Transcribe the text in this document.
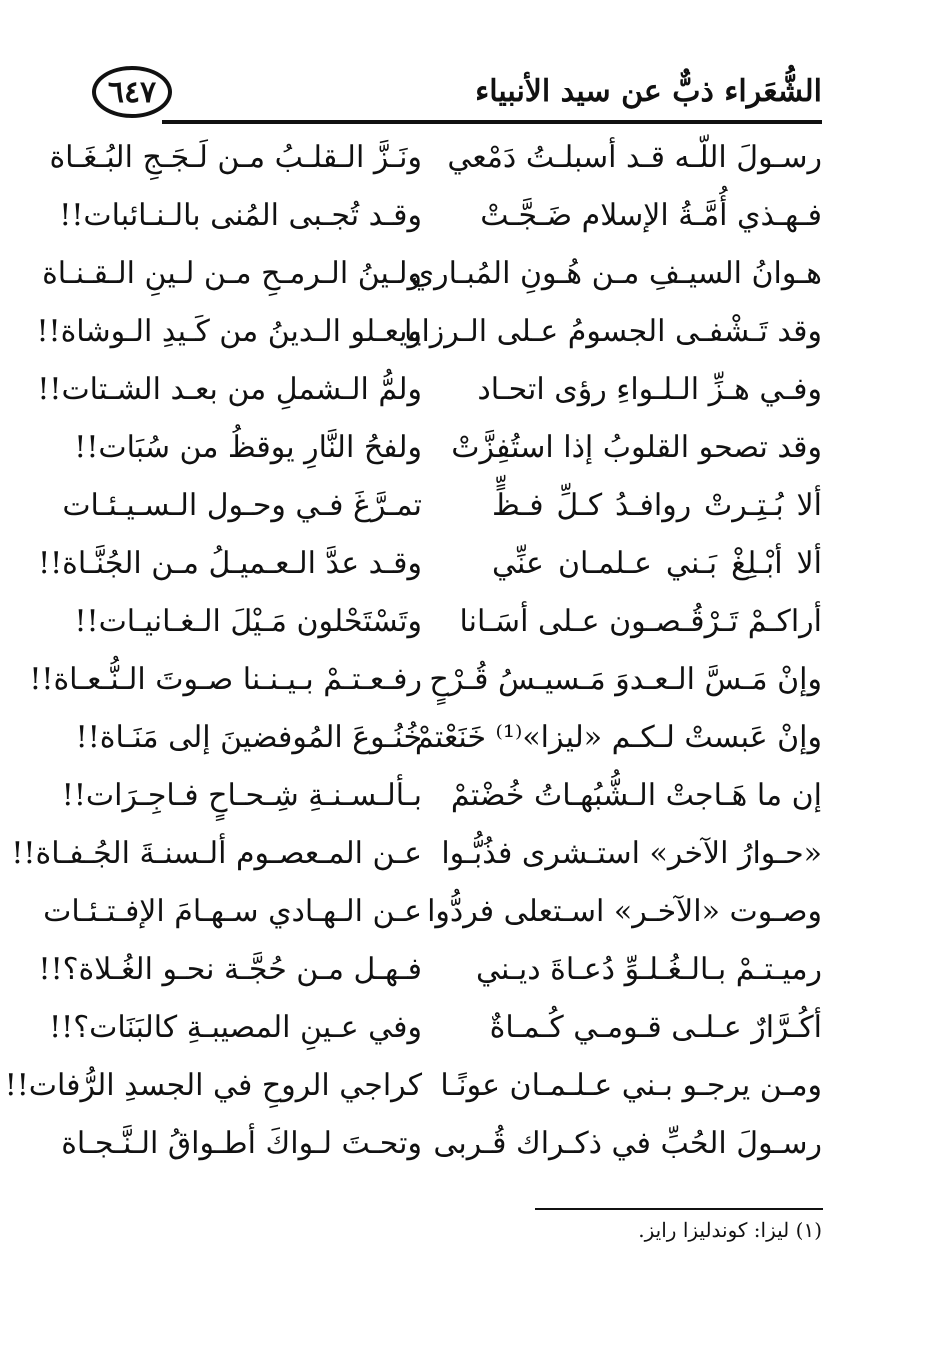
٦٤٧	الشُّعَراء ذبٌّ عن سيد الأنبياء
رسـولَ اللّـه قـد أسبلـتُ دَمْعي
ونَـزَّ الـقلـبُ مـن لَـجَـجِ البُـغَـاة
فـهـذي أُمَّـةُ الإسلام ضَـجَّـتْ
وقـد تُجـبى المُنى بالـنـائبات!!
هـوانُ السيـفِ مـن هُـونِ المُبـاري
ولـينُ الـرمـحِ مـن لـينِ الـقـنـاة
وقد تَـشْفـى الجسومُ عـلى الـرزايا
ويعـلو الـدينُ من كَـيدِ الـوشاة!!
وفـي هـزِّ الـلـواءِ رؤى اتحـاد
ولمُّ الـشملِ من بعـد الشـتات!!
وقد تصحو القلوبُ إذا استُفِزَّتْ
ولفحُ النَّارِ يوقظُ من سُبَات!!
ألا بُـتِـرتْ روافـدُ كـلِّ فـظٍّ
تمـرَّغَ فـي وحـول الـسـيـئـات
ألا أبْـلِغْ بَـني عـلمـان عنِّي
وقـد عدَّ الـعـميـلُ مـن الجُنَّـاة!!
أراكـمْ تَـرْقُـصـون عـلى أسَـانا
وتَسْتَحْلون مَـيْلَ الـغـانيـات!!
وإنْ مَـسَّ الـعـدوَ مَـسيـسُ قُـرْحٍ
رفـعـتـمْ بـيـنـنا صـوتَ الـنُّـعـاة!!
وإنْ عَبستْ لـكـم «ليزا»⁽¹⁾ خَنَعْتمْ
خُنُـوعَ المُوفضينَ إلى مَنَـاة!!
إن ما هَـاجتْ الـشُّبُهـاتُ خُضْتمْ
بـألـسـنـةِ شِـحـاحٍ فـاجِـرَات!!
«حـوارُ الآخر» استـشرى فذُبُّـوا
عـن المـعصـوم ألـسنـةَ الجُـفـاة!!
وصـوت «الآخـر» اسـتعلى فردُّوا
عـن الـهـادي سـهـامَ الإفـتـئـات
رميـتـمْ بـالـغُـلـوِّ دُعـاةَ ديـني
فـهـل مـن حُجَّـة نحـو الغُـلاة؟!!
أكُـرَّارٌ عـلـى قـومـي كُـمـاةٌ
وفي عـينِ المصيبـةِ كالبَنَات؟!!
ومـن يرجـو بـني عـلـمـان عونًـا
كراجي الروحِ في الجسدِ الرُّفات!!
رسـولَ الحُبِّ في ذكـراك قُـربى
وتحـتَ لـواكَ أطـواقُ الـنَّـجـاة
(١) ليزا: كوندليزا رايز.
